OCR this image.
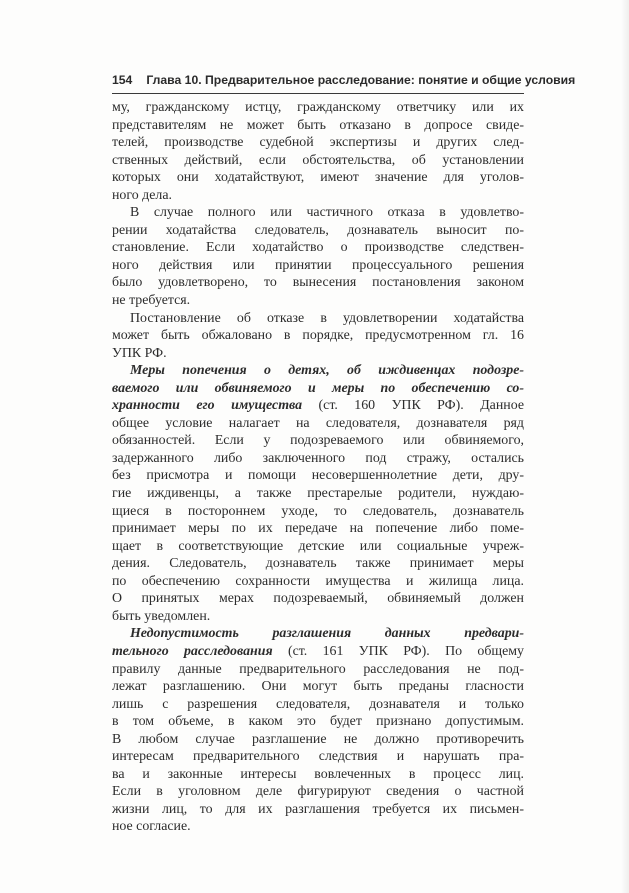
154 Глава 10. Предварительное расследование: понятие и общие условия
му, гражданскому истцу, гражданскому ответчику или их
представителям не может быть отказано в допросе свиде-
телей, производстве судебной экспертизы и других след-
ственных действий, если обстоятельства, об установлении
которых они ходатайствуют, имеют значение для уголов-
ного дела.
В случае полного или частичного отказа в удовлетво-
рении ходатайства следователь, дознаватель выносит по-
становление. Если ходатайство о производстве следствен-
ного действия или принятии процессуального решения
было удовлетворено, то вынесения постановления законом
не требуется.
Постановление об отказе в удовлетворении ходатайства
может быть обжаловано в порядке, предусмотренном гл. 16
УПК РФ.
Меры попечения о детях, об иждивенцах подозре-
ваемого или обвиняемого и меры по обеспечению со-
хранности его имущества (ст. 160 УПК РФ). Данное
общее условие налагает на следователя, дознавателя ряд
обязанностей. Если у подозреваемого или обвиняемого,
задержанного либо заключенного под стражу, остались
без присмотра и помощи несовершеннолетние дети, дру-
гие иждивенцы, а также престарелые родители, нуждаю-
щиеся в постороннем уходе, то следователь, дознаватель
принимает меры по их передаче на попечение либо поме-
щает в соответствующие детские или социальные учреж-
дения. Следователь, дознаватель также принимает меры
по обеспечению сохранности имущества и жилища лица.
О принятых мерах подозреваемый, обвиняемый должен
быть уведомлен.
Недопустимость разглашения данных предвари-
тельного расследования (ст. 161 УПК РФ). По общему
правилу данные предварительного расследования не под-
лежат разглашению. Они могут быть преданы гласности
лишь с разрешения следователя, дознавателя и только
в том объеме, в каком это будет признано допустимым.
В любом случае разглашение не должно противоречить
интересам предварительного следствия и нарушать пра-
ва и законные интересы вовлеченных в процесс лиц.
Если в уголовном деле фигурируют сведения о частной
жизни лиц, то для их разглашения требуется их письмен-
ное согласие.
